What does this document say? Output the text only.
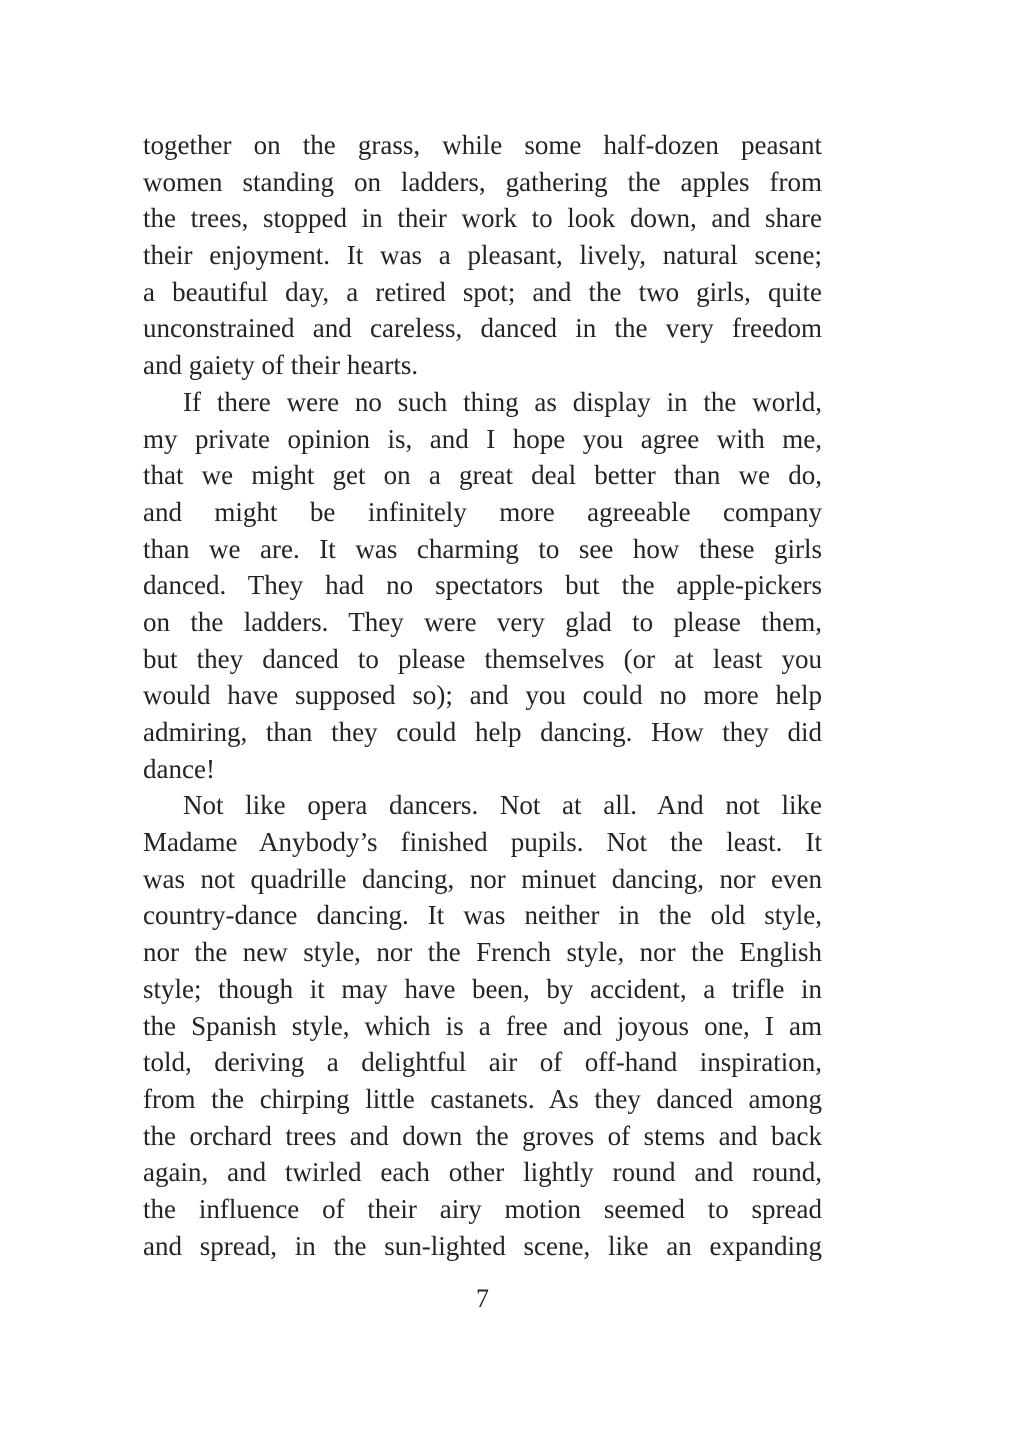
together on the grass, while some half-dozen peasant
women standing on ladders, gathering the apples from
the trees, stopped in their work to look down, and share
their enjoyment. It was a pleasant, lively, natural scene;
a beautiful day, a retired spot; and the two girls, quite
unconstrained and careless, danced in the very freedom
and gaiety of their hearts.
If there were no such thing as display in the world,
my private opinion is, and I hope you agree with me,
that we might get on a great deal better than we do,
and might be infinitely more agreeable company
than we are. It was charming to see how these girls
danced. They had no spectators but the apple-pickers
on the ladders. They were very glad to please them,
but they danced to please themselves (or at least you
would have supposed so); and you could no more help
admiring, than they could help dancing. How they did
dance!
Not like opera dancers. Not at all. And not like
Madame Anybody’s finished pupils. Not the least. It
was not quadrille dancing, nor minuet dancing, nor even
country-dance dancing. It was neither in the old style,
nor the new style, nor the French style, nor the English
style; though it may have been, by accident, a trifle in
the Spanish style, which is a free and joyous one, I am
told, deriving a delightful air of off-hand inspiration,
from the chirping little castanets. As they danced among
the orchard trees and down the groves of stems and back
again, and twirled each other lightly round and round,
the influence of their airy motion seemed to spread
and spread, in the sun-lighted scene, like an expanding
7
